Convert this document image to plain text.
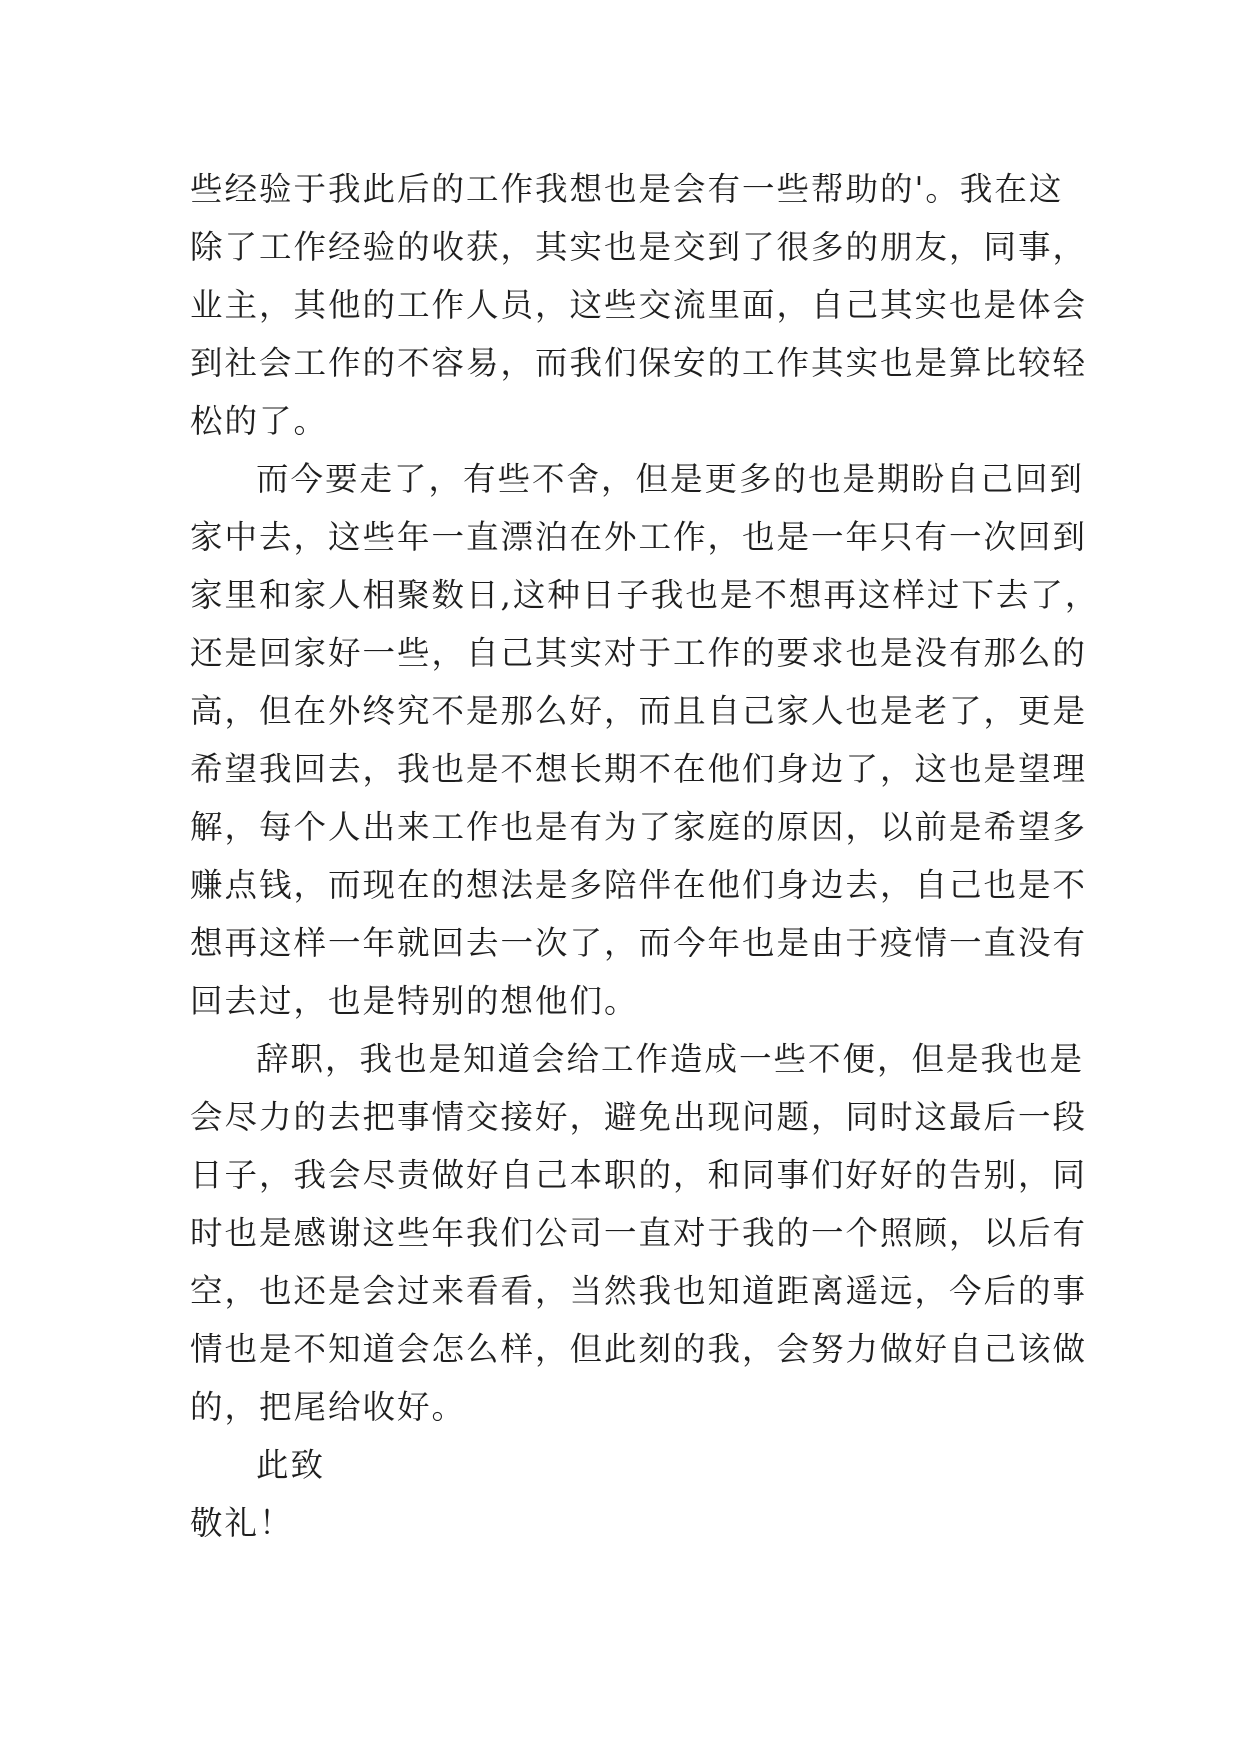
些经验于我此后的工作我想也是会有一些帮助的'。我在这
除了工作经验的收获，其实也是交到了很多的朋友，同事，
业主，其他的工作人员，这些交流里面，自己其实也是体会
到社会工作的不容易，而我们保安的工作其实也是算比较轻
松的了。
而今要走了，有些不舍，但是更多的也是期盼自己回到
家中去，这些年一直漂泊在外工作，也是一年只有一次回到
家里和家人相聚数日,这种日子我也是不想再这样过下去了，
还是回家好一些，自己其实对于工作的要求也是没有那么的
高，但在外终究不是那么好，而且自己家人也是老了，更是
希望我回去，我也是不想长期不在他们身边了，这也是望理
解，每个人出来工作也是有为了家庭的原因，以前是希望多
赚点钱，而现在的想法是多陪伴在他们身边去，自己也是不
想再这样一年就回去一次了，而今年也是由于疫情一直没有
回去过，也是特别的想他们。
辞职，我也是知道会给工作造成一些不便，但是我也是
会尽力的去把事情交接好，避免出现问题，同时这最后一段
日子，我会尽责做好自己本职的，和同事们好好的告别，同
时也是感谢这些年我们公司一直对于我的一个照顾，以后有
空，也还是会过来看看，当然我也知道距离遥远，今后的事
情也是不知道会怎么样，但此刻的我，会努力做好自己该做
的，把尾给收好。
此致
敬礼！
